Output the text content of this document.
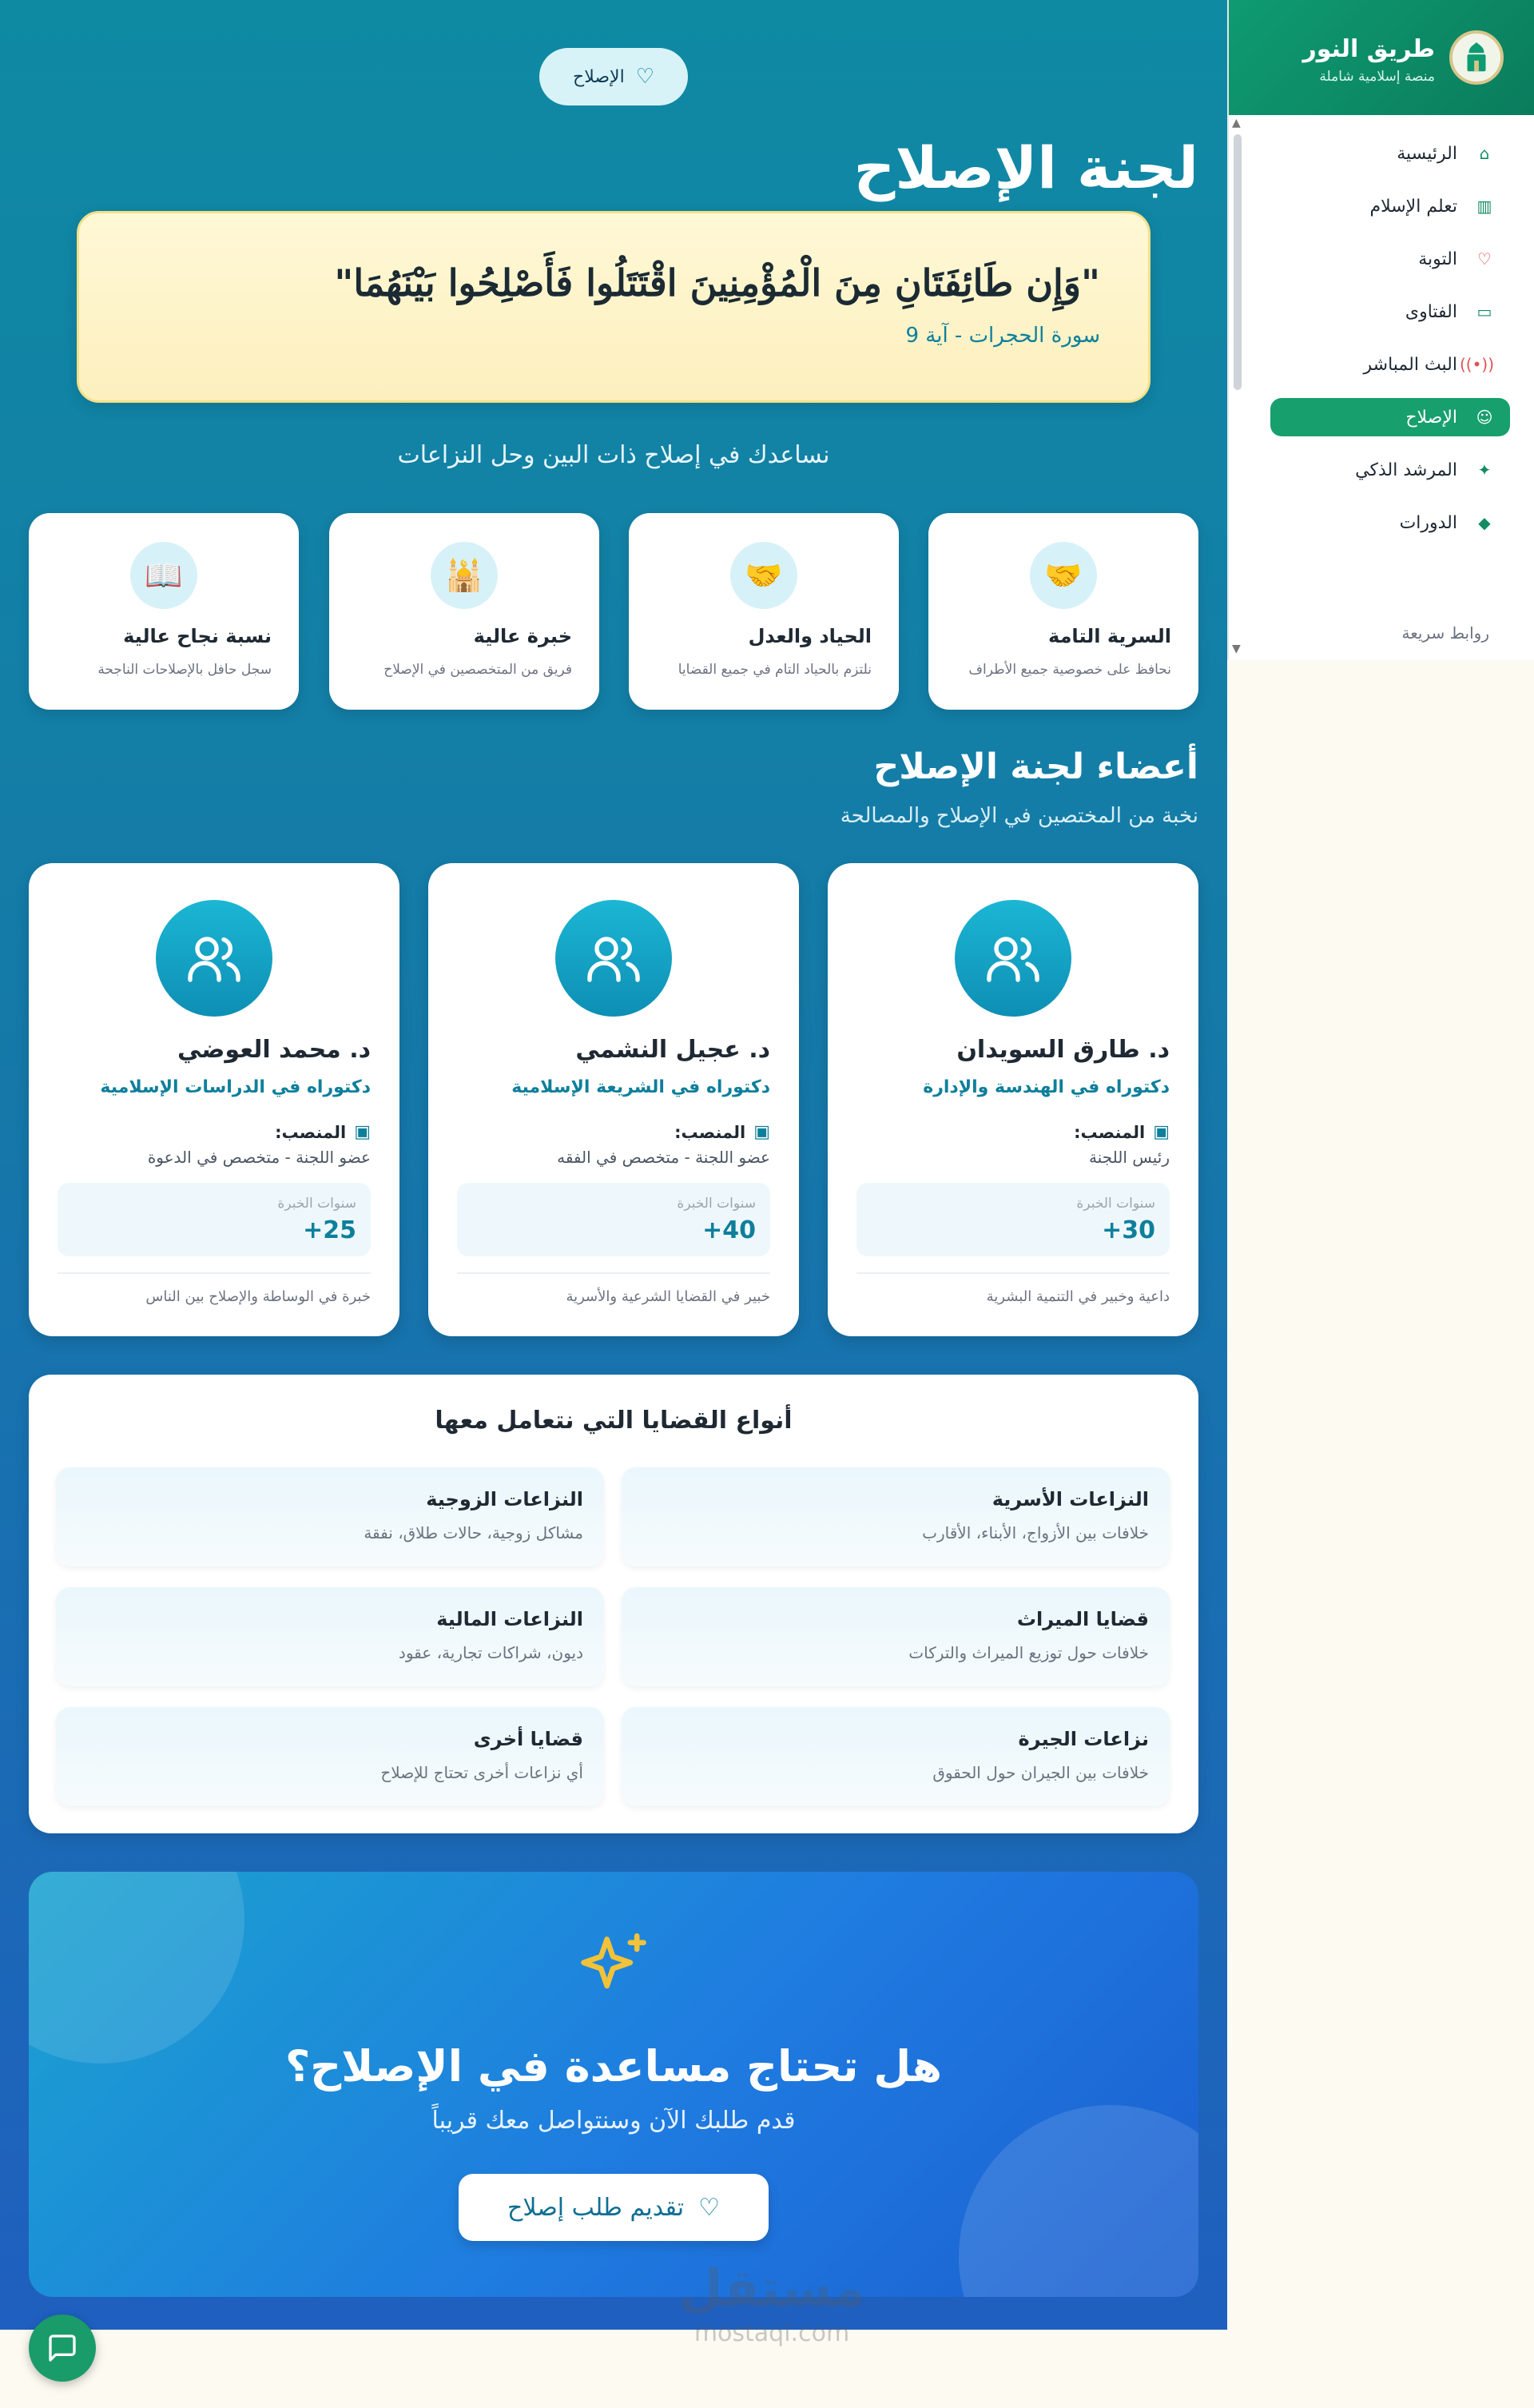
♡
الإصلاح
لجنة الإصلاح
"وَإِن طَائِفَتَانِ مِنَ الْمُؤْمِنِينَ اقْتَتَلُوا فَأَصْلِحُوا بَيْنَهُمَا"
سورة الحجرات - آية 9
نساعدك في إصلاح ذات البين وحل النزاعات
🤝
السرية التامة
نحافظ على خصوصية جميع الأطراف
🤝
الحياد والعدل
نلتزم بالحياد التام في جميع القضايا
🕌
خبرة عالية
فريق من المتخصصين في الإصلاح
📖
نسبة نجاح عالية
سجل حافل بالإصلاحات الناجحة
أعضاء لجنة الإصلاح
نخبة من المختصين في الإصلاح والمصالحة
د. طارق السويدان
دكتوراه في الهندسة والإدارة
▣
المنصب:
رئيس اللجنة
سنوات الخبرة
30+
داعية وخبير في التنمية البشرية
د. عجيل النشمي
دكتوراه في الشريعة الإسلامية
▣
المنصب:
عضو اللجنة - متخصص في الفقه
سنوات الخبرة
40+
خبير في القضايا الشرعية والأسرية
د. محمد العوضي
دكتوراه في الدراسات الإسلامية
▣
المنصب:
عضو اللجنة - متخصص في الدعوة
سنوات الخبرة
25+
خبرة في الوساطة والإصلاح بين الناس
أنواع القضايا التي نتعامل معها
النزاعات الأسرية
خلافات بين الأزواج، الأبناء، الأقارب
النزاعات الزوجية
مشاكل زوجية، حالات طلاق، نفقة
قضايا الميراث
خلافات حول توزيع الميراث والتركات
النزاعات المالية
ديون، شراكات تجارية، عقود
نزاعات الجيرة
خلافات بين الجيران حول الحقوق
قضايا أخرى
أي نزاعات أخرى تحتاج للإصلاح
هل تحتاج مساعدة في الإصلاح؟
قدم طلبك الآن وسنتواصل معك قريباً
♡
تقديم طلب إصلاح
مستقل
mostaql.com
طريق النور
منصة إسلامية شاملة
▲
⌂
الرئيسية
▥
تعلم الإسلام
♡
التوبة
▭
الفتاوى
((•))
البث المباشر
☺
الإصلاح
✦
المرشد الذكي
◆
الدورات
روابط سريعة
▼
